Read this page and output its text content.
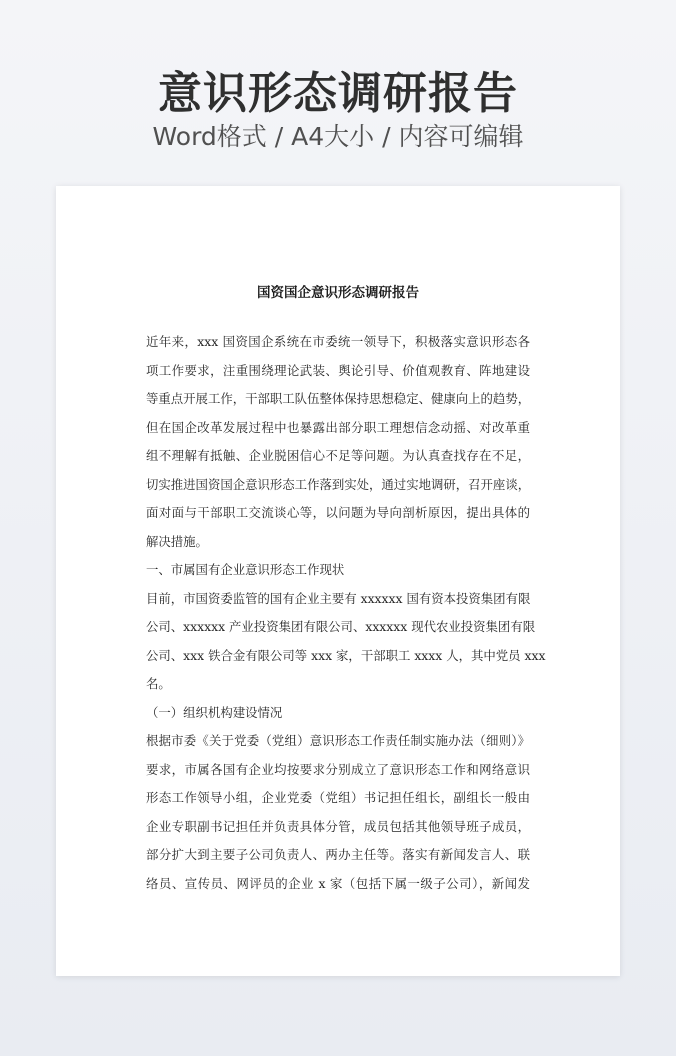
意识形态调研报告
Word格式 / A4大小 / 内容可编辑
国资国企意识形态调研报告
近年来，xxx 国资国企系统在市委统一领导下，积极落实意识形态各
项工作要求，注重围绕理论武装、舆论引导、价值观教育、阵地建设
等重点开展工作，干部职工队伍整体保持思想稳定、健康向上的趋势，
但在国企改革发展过程中也暴露出部分职工理想信念动摇、对改革重
组不理解有抵触、企业脱困信心不足等问题。为认真查找存在不足，
切实推进国资国企意识形态工作落到实处，通过实地调研，召开座谈，
面对面与干部职工交流谈心等，以问题为导向剖析原因，提出具体的
解决措施。
一、市属国有企业意识形态工作现状
目前，市国资委监管的国有企业主要有 xxxxxx 国有资本投资集团有限
公司、xxxxxx 产业投资集团有限公司、xxxxxx 现代农业投资集团有限
公司、xxx 铁合金有限公司等 xxx 家，干部职工 xxxx 人，其中党员 xxx
名。
（一）组织机构建设情况
根据市委《关于党委（党组）意识形态工作责任制实施办法（细则）》
要求，市属各国有企业均按要求分别成立了意识形态工作和网络意识
形态工作领导小组，企业党委（党组）书记担任组长，副组长一般由
企业专职副书记担任并负责具体分管，成员包括其他领导班子成员，
部分扩大到主要子公司负责人、两办主任等。落实有新闻发言人、联
络员、宣传员、网评员的企业 x 家（包括下属一级子公司），新闻发
